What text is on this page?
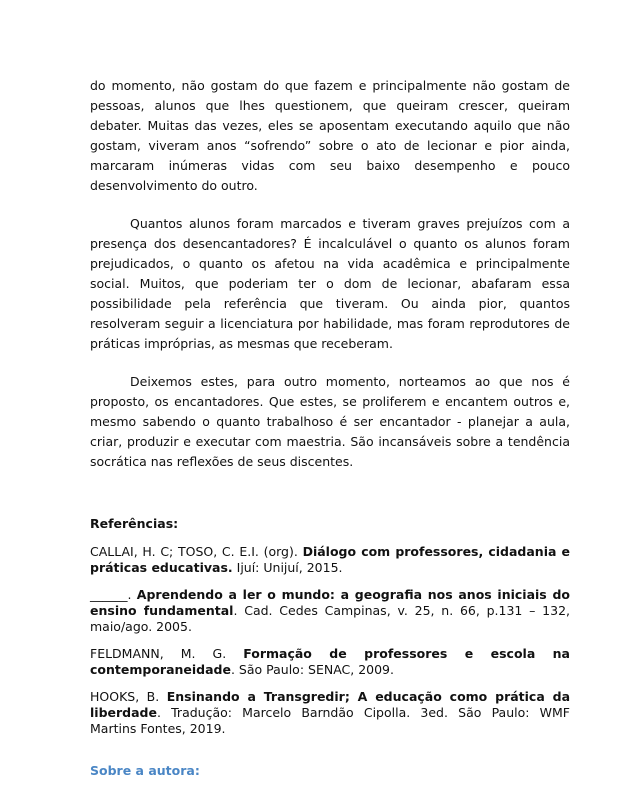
do momento, não gostam do que fazem e principalmente não gostam de pessoas, alunos que lhes questionem, que queiram crescer, queiram debater. Muitas das vezes, eles se aposentam executando aquilo que não gostam, viveram anos “sofrendo” sobre o ato de lecionar e pior ainda, marcaram inúmeras vidas com seu baixo desempenho e pouco desenvolvimento do outro.

Quantos alunos foram marcados e tiveram graves prejuízos com a presença dos desencantadores? É incalculável o quanto os alunos foram prejudicados, o quanto os afetou na vida acadêmica e principalmente social. Muitos, que poderiam ter o dom de lecionar, abafaram essa possibilidade pela referência que tiveram. Ou ainda pior, quantos resolveram seguir a licenciatura por habilidade, mas foram reprodutores de práticas impróprias, as mesmas que receberam.

Deixemos estes, para outro momento, norteamos ao que nos é proposto, os encantadores. Que estes, se proliferem e encantem outros e, mesmo sabendo o quanto trabalhoso é ser encantador - planejar a aula, criar, produzir e executar com maestria. São incansáveis sobre a tendência socrática nas reflexões de seus discentes.

Referências:
CALLAI, H. C; TOSO, C. E.I. (org). Diálogo com professores, cidadania e práticas educativas. Ijuí: Unijuí, 2015.
______. Aprendendo a ler o mundo: a geografia nos anos iniciais do ensino fundamental. Cad. Cedes Campinas, v. 25, n. 66, p.131 – 132, maio/ago. 2005.
FELDMANN, M. G. Formação de professores e escola na contemporaneidade. São Paulo: SENAC, 2009.
HOOKS, B. Ensinando a Transgredir; A educação como prática da liberdade. Tradução: Marcelo Barndão Cipolla. 3ed. São Paulo: WMF Martins Fontes, 2019.
Sobre a autora:
